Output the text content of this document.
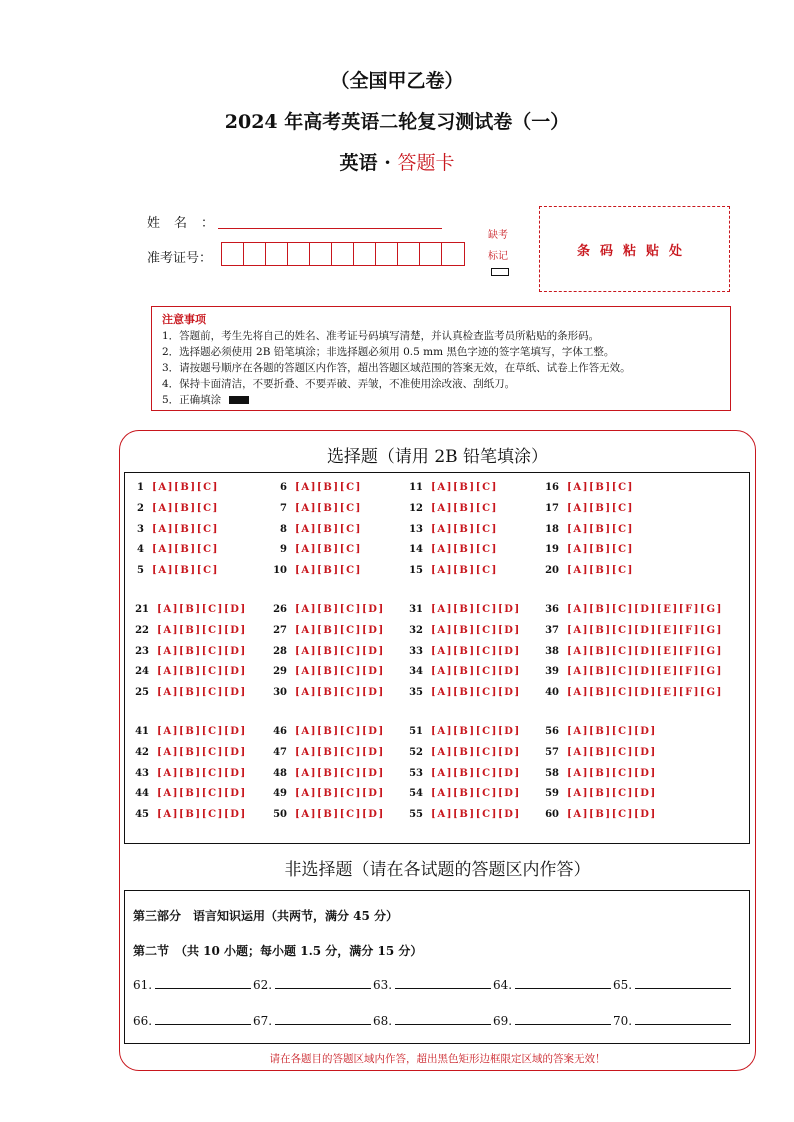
（全国甲乙卷）
2024 年高考英语二轮复习测试卷（一）
英语 · 答题卡
姓名：
准考证号：
缺考
标记	条码粘贴处
注意事项
1．答题前，考生先将自己的姓名、准考证号码填写清楚，并认真检查监考员所粘贴的条形码。
2．选择题必须使用 2B 铅笔填涂；非选择题必须用 0.5 mm 黑色字迹的签字笔填写，字体工整。
3．请按题号顺序在各题的答题区内作答，超出答题区域范围的答案无效，在草纸、试卷上作答无效。
4．保持卡面清洁，不要折叠、不要弄破、弄皱，不准使用涂改液、刮纸刀。
5．正确填涂
选择题（请用 2B 铅笔填涂）
非选择题（请在各试题的答题区内作答）
第三部分　语言知识运用（共两节，满分 45 分）
第二节　（共 10 小题；每小题 1.5 分，满分 15 分）
请在各题目的答题区域内作答，超出黑色矩形边框限定区域的答案无效！
1 [A][B][C]
2 [A][B][C]
3 [A][B][C]
4 [A][B][C]
5 [A][B][C]
6 [A][B][C]
7 [A][B][C]
8 [A][B][C]
9 [A][B][C]
10 [A][B][C]
11 [A][B][C]
12 [A][B][C]
13 [A][B][C]
14 [A][B][C]
15 [A][B][C]
16 [A][B][C]
17 [A][B][C]
18 [A][B][C]
19 [A][B][C]
20 [A][B][C]
21 [A][B][C][D]
22 [A][B][C][D]
23 [A][B][C][D]
24 [A][B][C][D]
25 [A][B][C][D]
26 [A][B][C][D]
27 [A][B][C][D]
28 [A][B][C][D]
29 [A][B][C][D]
30 [A][B][C][D]
31 [A][B][C][D]
32 [A][B][C][D]
33 [A][B][C][D]
34 [A][B][C][D]
35 [A][B][C][D]
36 [A][B][C][D][E][F][G]
37 [A][B][C][D][E][F][G]
38 [A][B][C][D][E][F][G]
39 [A][B][C][D][E][F][G]
40 [A][B][C][D][E][F][G]
41 [A][B][C][D]
42 [A][B][C][D]
43 [A][B][C][D]
44 [A][B][C][D]
45 [A][B][C][D]
46 [A][B][C][D]
47 [A][B][C][D]
48 [A][B][C][D]
49 [A][B][C][D]
50 [A][B][C][D]
51 [A][B][C][D]
52 [A][B][C][D]
53 [A][B][C][D]
54 [A][B][C][D]
55 [A][B][C][D]
56 [A][B][C][D]
57 [A][B][C][D]
58 [A][B][C][D]
59 [A][B][C][D]
60 [A][B][C][D]
61.	62.	63.	64.	65.
66.	67.	68.	69.	70.
